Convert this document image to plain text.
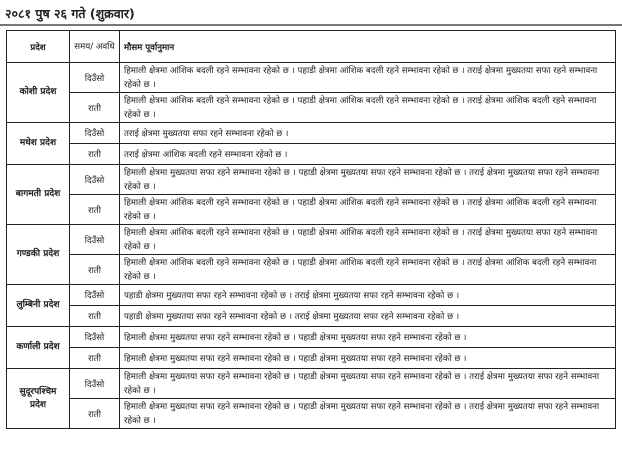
२०८१ पुष २६ गते (शुक्रवार)
प्रदेश	समय/ अवधि	मौसम पूर्वानुमान
कोशी प्रदेश	दिउँसो	हिमाली क्षेत्रमा आंशिक बदली रहने सम्भावना रहेको छ । पहाडी क्षेत्रमा आंशिक बदली रहने सम्भावना रहेको छ । तराई क्षेत्रमा मुख्यतया सफा रहने सम्भावना रहेको छ ।
	राती	हिमाली क्षेत्रमा आंशिक बदली रहने सम्भावना रहेको छ । पहाडी क्षेत्रमा आंशिक बदली रहने सम्भावना रहेको छ । तराई क्षेत्रमा आंशिक बदली रहने सम्भावना रहेको छ ।
मधेश प्रदेश	दिउँसो	तराई क्षेत्रमा मुख्यतया सफा रहने सम्भावना रहेको छ ।
	राती	तराई क्षेत्रमा आंशिक बदली रहने सम्भावना रहेको छ ।
बागमती प्रदेश	दिउँसो	हिमाली क्षेत्रमा मुख्यतया सफा रहने सम्भावना रहेको छ । पहाडी क्षेत्रमा मुख्यतया सफा रहने सम्भावना रहेको छ । तराई क्षेत्रमा मुख्यतया सफा रहने सम्भावना रहेको छ ।
	राती	हिमाली क्षेत्रमा आंशिक बदली रहने सम्भावना रहेको छ । पहाडी क्षेत्रमा आंशिक बदली रहने सम्भावना रहेको छ । तराई क्षेत्रमा आंशिक बदली रहने सम्भावना रहेको छ ।
गण्डकी प्रदेश	दिउँसो	हिमाली क्षेत्रमा आंशिक बदली रहने सम्भावना रहेको छ । पहाडी क्षेत्रमा आंशिक बदली रहने सम्भावना रहेको छ । तराई क्षेत्रमा मुख्यतया सफा रहने सम्भावना रहेको छ ।
	राती	हिमाली क्षेत्रमा आंशिक बदली रहने सम्भावना रहेको छ । पहाडी क्षेत्रमा आंशिक बदली रहने सम्भावना रहेको छ । तराई क्षेत्रमा आंशिक बदली रहने सम्भावना रहेको छ ।
लुम्बिनी प्रदेश	दिउँसो	पहाडी क्षेत्रमा मुख्यतया सफा रहने सम्भावना रहेको छ । तराई क्षेत्रमा मुख्यतया सफा रहने सम्भावना रहेको छ ।
	राती	पहाडी क्षेत्रमा मुख्यतया सफा रहने सम्भावना रहेको छ । तराई क्षेत्रमा मुख्यतया सफा रहने सम्भावना रहेको छ ।
कर्णाली प्रदेश	दिउँसो	हिमाली क्षेत्रमा मुख्यतया सफा रहने सम्भावना रहेको छ । पहाडी क्षेत्रमा मुख्यतया सफा रहने सम्भावना रहेको छ ।
	राती	हिमाली क्षेत्रमा मुख्यतया सफा रहने सम्भावना रहेको छ । पहाडी क्षेत्रमा मुख्यतया सफा रहने सम्भावना रहेको छ ।
सुदूरपश्चिम प्रदेश	दिउँसो	हिमाली क्षेत्रमा मुख्यतया सफा रहने सम्भावना रहेको छ । पहाडी क्षेत्रमा मुख्यतया सफा रहने सम्भावना रहेको छ । तराई क्षेत्रमा मुख्यतया सफा रहने सम्भावना रहेको छ ।
	राती	हिमाली क्षेत्रमा मुख्यतया सफा रहने सम्भावना रहेको छ । पहाडी क्षेत्रमा मुख्यतया सफा रहने सम्भावना रहेको छ । तराई क्षेत्रमा मुख्यतया सफा रहने सम्भावना रहेको छ ।
